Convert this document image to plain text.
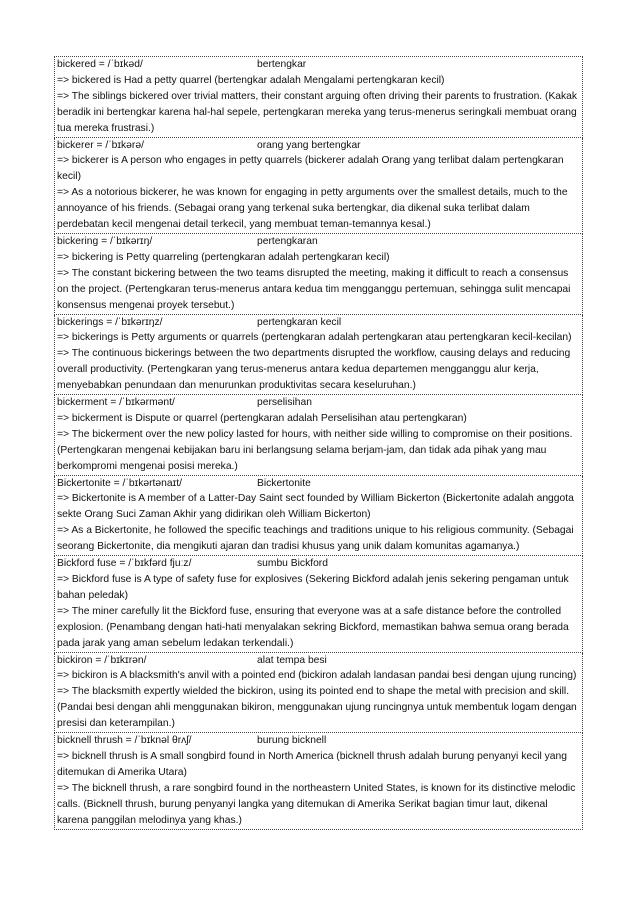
bickered = /ˈbɪkəd/	bertengkar
=> bickered is Had a petty quarrel (bertengkar adalah Mengalami pertengkaran kecil)
=> The siblings bickered over trivial matters, their constant arguing often driving their parents to frustration. (Kakak beradik ini bertengkar karena hal-hal sepele, pertengkaran mereka yang terus-menerus seringkali membuat orang tua mereka frustrasi.)
bickerer = /ˈbɪkərə/	orang yang bertengkar
=> bickerer is A person who engages in petty quarrels (bickerer adalah Orang yang terlibat dalam pertengkaran kecil)
=> As a notorious bickerer, he was known for engaging in petty arguments over the smallest details, much to the annoyance of his friends. (Sebagai orang yang terkenal suka bertengkar, dia dikenal suka terlibat dalam perdebatan kecil mengenai detail terkecil, yang membuat teman-temannya kesal.)
bickering = /ˈbɪkərɪŋ/	pertengkaran
=> bickering is Petty quarreling (pertengkaran adalah pertengkaran kecil)
=> The constant bickering between the two teams disrupted the meeting, making it difficult to reach a consensus on the project. (Pertengkaran terus-menerus antara kedua tim mengganggu pertemuan, sehingga sulit mencapai konsensus mengenai proyek tersebut.)
bickerings = /ˈbɪkərɪŋz/	pertengkaran kecil
=> bickerings is Petty arguments or quarrels (pertengkaran adalah pertengkaran atau pertengkaran kecil-kecilan)
=> The continuous bickerings between the two departments disrupted the workflow, causing delays and reducing overall productivity. (Pertengkaran yang terus-menerus antara kedua departemen mengganggu alur kerja, menyebabkan penundaan dan menurunkan produktivitas secara keseluruhan.)
bickerment = /ˈbɪkərmənt/	perselisihan
=> bickerment is Dispute or quarrel (pertengkaran adalah Perselisihan atau pertengkaran)
=> The bickerment over the new policy lasted for hours, with neither side willing to compromise on their positions. (Pertengkaran mengenai kebijakan baru ini berlangsung selama berjam-jam, dan tidak ada pihak yang mau berkompromi mengenai posisi mereka.)
Bickertonite = /ˈbɪkərtənaɪt/	Bickertonite
=> Bickertonite is A member of a Latter-Day Saint sect founded by William Bickerton (Bickertonite adalah anggota sekte Orang Suci Zaman Akhir yang didirikan oleh William Bickerton)
=> As a Bickertonite, he followed the specific teachings and traditions unique to his religious community. (Sebagai seorang Bickertonite, dia mengikuti ajaran dan tradisi khusus yang unik dalam komunitas agamanya.)
Bickford fuse = /ˈbɪkfərd fjuːz/	sumbu Bickford
=> Bickford fuse is A type of safety fuse for explosives (Sekering Bickford adalah jenis sekering pengaman untuk bahan peledak)
=> The miner carefully lit the Bickford fuse, ensuring that everyone was at a safe distance before the controlled explosion. (Penambang dengan hati-hati menyalakan sekring Bickford, memastikan bahwa semua orang berada pada jarak yang aman sebelum ledakan terkendali.)
bickiron = /ˈbɪkɪrən/	alat tempa besi
=> bickiron is A blacksmith's anvil with a pointed end (bickiron adalah landasan pandai besi dengan ujung runcing)
=> The blacksmith expertly wielded the bickiron, using its pointed end to shape the metal with precision and skill. (Pandai besi dengan ahli menggunakan bikiron, menggunakan ujung runcingnya untuk membentuk logam dengan presisi dan keterampilan.)
bicknell thrush = /ˈbɪknəl θrʌʃ/	burung bicknell
=> bicknell thrush is A small songbird found in North America (bicknell thrush adalah burung penyanyi kecil yang ditemukan di Amerika Utara)
=> The bicknell thrush, a rare songbird found in the northeastern United States, is known for its distinctive melodic calls. (Bicknell thrush, burung penyanyi langka yang ditemukan di Amerika Serikat bagian timur laut, dikenal karena panggilan melodinya yang khas.)
